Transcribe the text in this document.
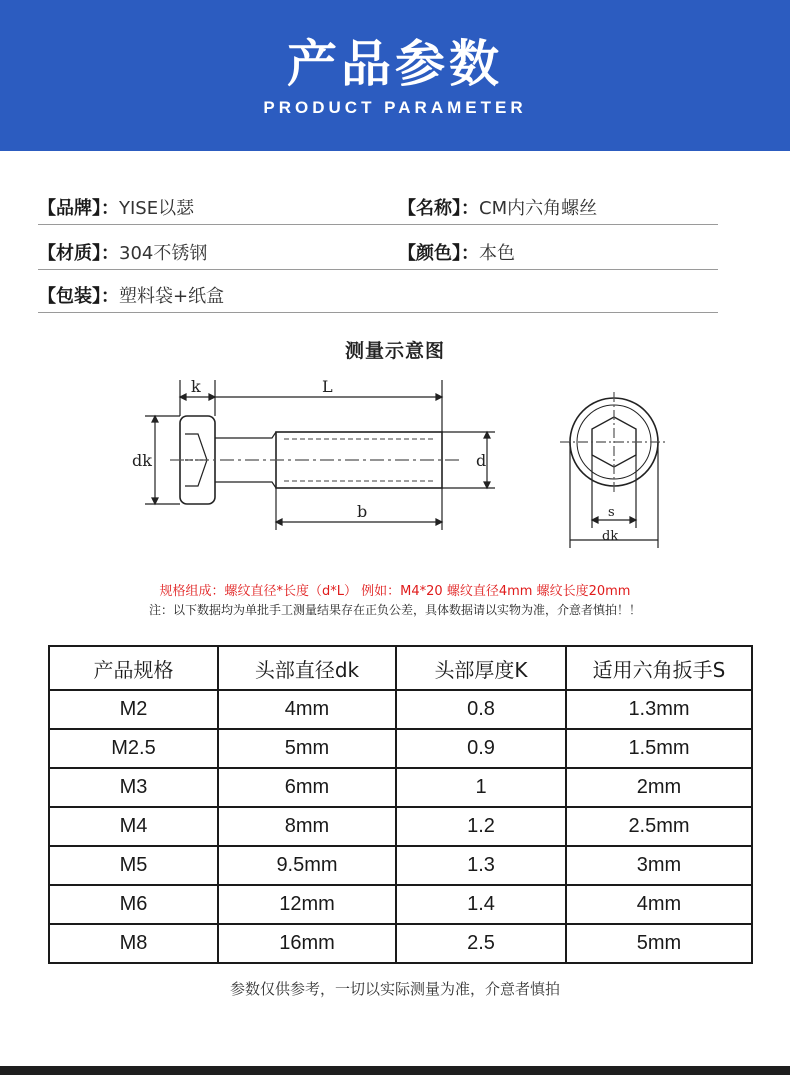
产品参数
PRODUCT PARAMETER
【品牌】：YISE以瑟	【名称】：CM内六角螺丝
【材质】：304不锈钢	【颜色】：本色
【包装】：塑料袋+纸盒
测量示意图
k	L
dk	d
b	s
dk
规格组成：螺纹直径*长度（d*L） 例如：M4*20 螺纹直径4mm 螺纹长度20mm
注：以下数据均为单批手工测量结果存在正负公差，具体数据请以实物为准，介意者慎拍！！
产品规格	头部直径dk	头部厚度K	适用六角扳手S
M2	4mm	0.8	1.3mm
M2.5	5mm	0.9	1.5mm
M3	6mm	1	2mm
M4	8mm	1.2	2.5mm
M5	9.5mm	1.3	3mm
M6	12mm	1.4	4mm
M8	16mm	2.5	5mm
参数仅供参考，一切以实际测量为准，介意者慎拍
